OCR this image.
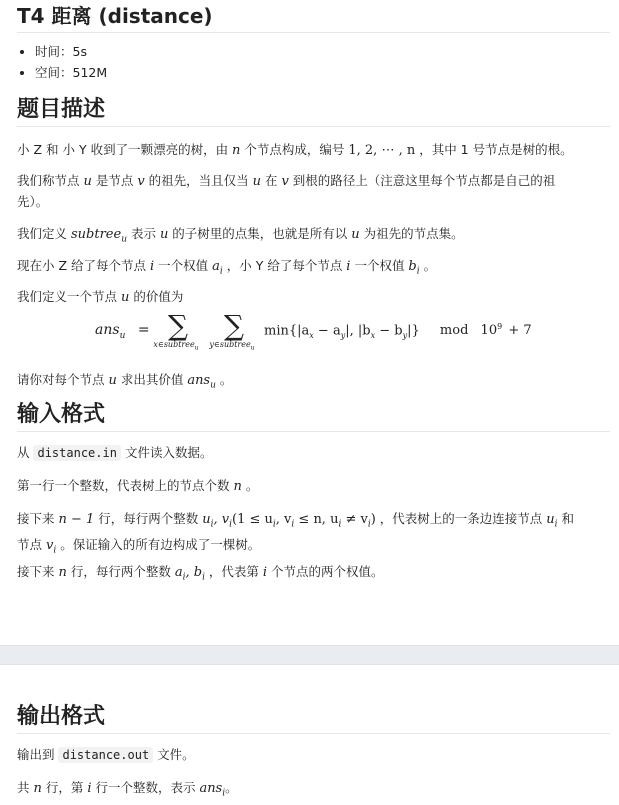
T4 距离 (distance)
• 时间：5s
• 空间：512M
题目描述

小 Z 和 小 Y 收到了一颗漂亮的树，由 n 个节点构成，编号 1, 2, ⋯ , n ，其中 1 号节点是树的根。

我们称节点 u 是节点 v 的祖先，当且仅当 u 在 v 到根的路径上（注意这里每个节点都是自己的祖
先）。

我们定义 subtree$_u$ 表示 u 的子树里的点集，也就是所有以 u 为祖先的节点集。

现在小 Z 给了每个节点 i 一个权值 $a_i$ ，小 Y 给了每个节点 i 一个权值 $b_i$ 。

我们定义一个节点 u 的价值为

ans$_u$ = ∑
x∈subtree$_u$
∑
y∈subtree$_u$
$\min\{|a_x - a_y|$, $|b_x - b_y|$} mod $10^9 + 7$

请你对每个节点 u 求出其价值 ans$_u$ 。

输入格式

从 distance.in 文件读入数据。

第一行一个整数，代表树上的节点个数 n 。

接下来 n − 1 行，每行两个整数 $u_i$, $v_i(1 \le u_i$, $v_i \le n$, $u_i \ne v_i$) ，代表树上的一条边连接节点 $u_i$ 和
节点 $v_i$ 。保证输入的所有边构成了一棵树。

接下来 n 行，每行两个整数 $a_i$, $b_i$ ，代表第 i 个节点的两个权值。

输出格式

输出到 distance.out 文件。

共 n 行，第 i 行一个整数，表示 ans$_i$。
